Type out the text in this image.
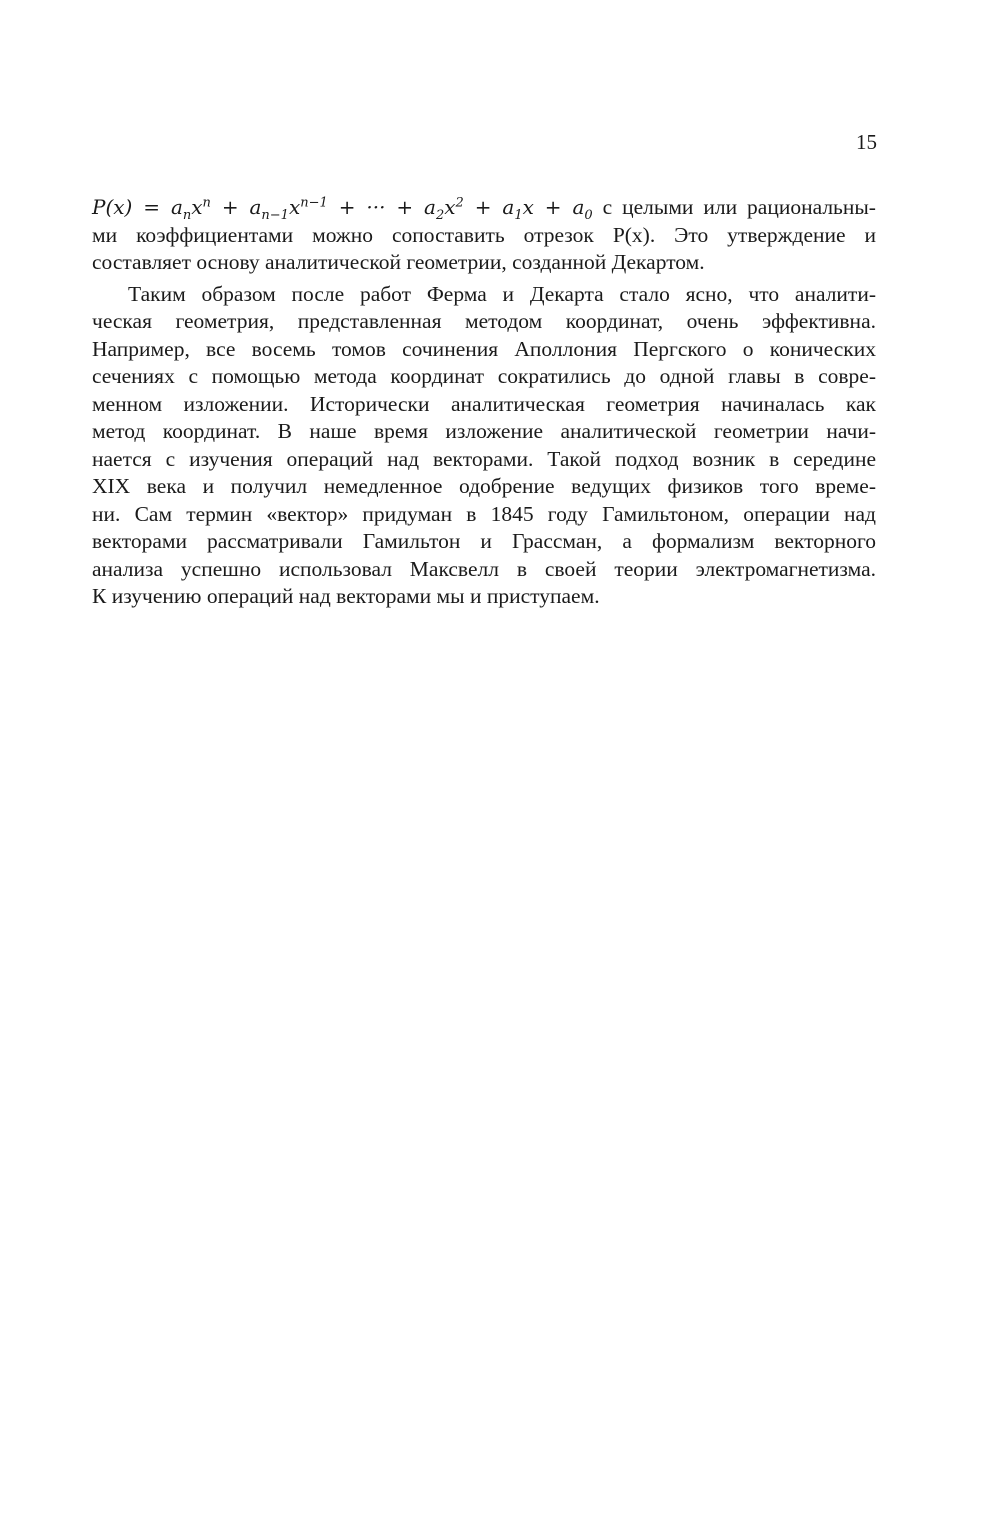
15
$P(x) = a_nx^n + a_{n-1}x^{n-1}$ + ··· + $a_2x^2 + a_1x + a_0$ с целыми или рациональны-
ми коэффициентами можно сопоставить отрезок P(x). Это утверждение и
составляет основу аналитической геометрии, созданной Декартом.
Таким образом после работ Ферма и Декарта стало ясно, что аналити-
ческая геометрия, представленная методом координат, очень эффективна.
Например, все восемь томов сочинения Аполлония Пергского о конических
сечениях с помощью метода координат сократились до одной главы в совре-
менном изложении. Исторически аналитическая геометрия начиналась как
метод координат. В наше время изложение аналитической геометрии начи-
нается с изучения операций над векторами. Такой подход возник в середине
XIX века и получил немедленное одобрение ведущих физиков того време-
ни. Сам термин «вектор» придуман в 1845 году Гамильтоном, операции над
векторами рассматривали Гамильтон и Грассман, а формализм векторного
анализа успешно использовал Максвелл в своей теории электромагнетизма.
К изучению операций над векторами мы и приступаем.
